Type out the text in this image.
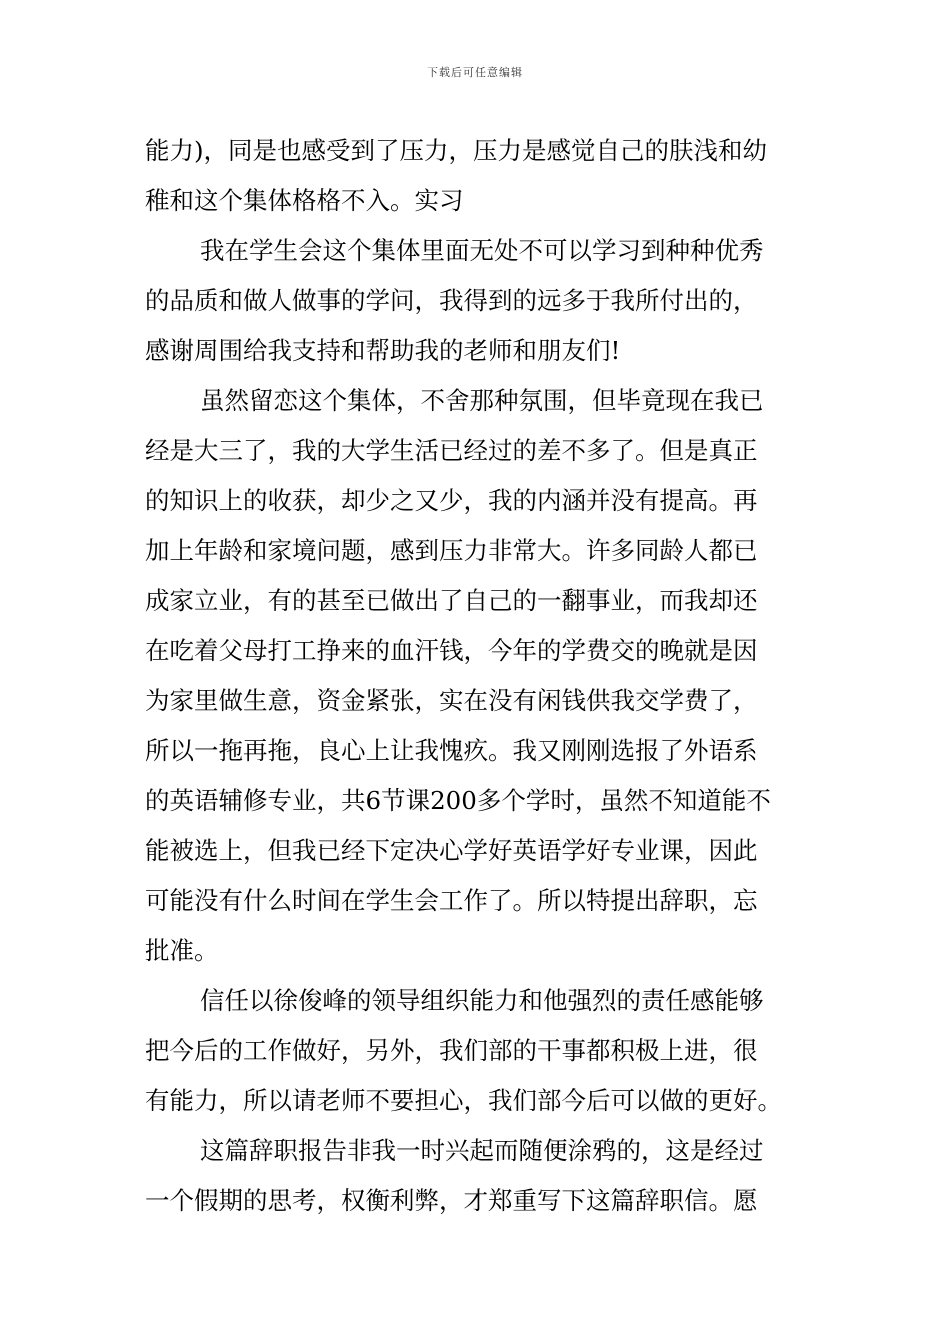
下载后可任意编辑
能力)，同是也感受到了压力，压力是感觉自己的肤浅和幼
稚和这个集体格格不入。实习
我在学生会这个集体里面无处不可以学习到种种优秀
的品质和做人做事的学问，我得到的远多于我所付出的，
感谢周围给我支持和帮助我的老师和朋友们!
虽然留恋这个集体，不舍那种氛围，但毕竟现在我已
经是大三了，我的大学生活已经过的差不多了。但是真正
的知识上的收获，却少之又少，我的内涵并没有提高。再
加上年龄和家境问题，感到压力非常大。许多同龄人都已
成家立业，有的甚至已做出了自己的一翻事业，而我却还
在吃着父母打工挣来的血汗钱，今年的学费交的晚就是因
为家里做生意，资金紧张，实在没有闲钱供我交学费了，
所以一拖再拖，良心上让我愧疚。我又刚刚选报了外语系
的英语辅修专业，共6节课200多个学时，虽然不知道能不
能被选上，但我已经下定决心学好英语学好专业课，因此
可能没有什么时间在学生会工作了。所以特提出辞职，忘
批准。
信任以徐俊峰的领导组织能力和他强烈的责任感能够
把今后的工作做好，另外，我们部的干事都积极上进，很
有能力，所以请老师不要担心，我们部今后可以做的更好。
这篇辞职报告非我一时兴起而随便涂鸦的，这是经过
一个假期的思考，权衡利弊，才郑重写下这篇辞职信。愿
